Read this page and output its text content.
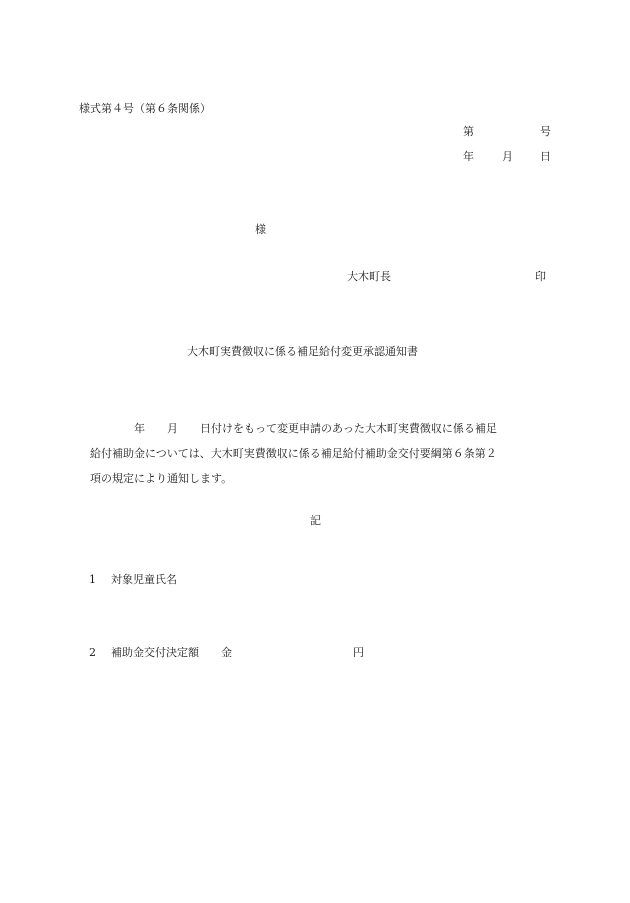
様式第４号（第６条関係）

第

	号

年

	月

日

様
大木町長	印
大木町実費徴収に係る補足給付変更承認通知書
　　　　年　　月　　日付けをもって変更申請のあった大木町実費徴収に係る補足
給付補助金については、大木町実費徴収に係る補足給付補助金交付要綱第６条第２
項の規定により通知します。
記

1 対象児童氏名

2 補助金交付決定額　　金　　　　　　　　　　　円
